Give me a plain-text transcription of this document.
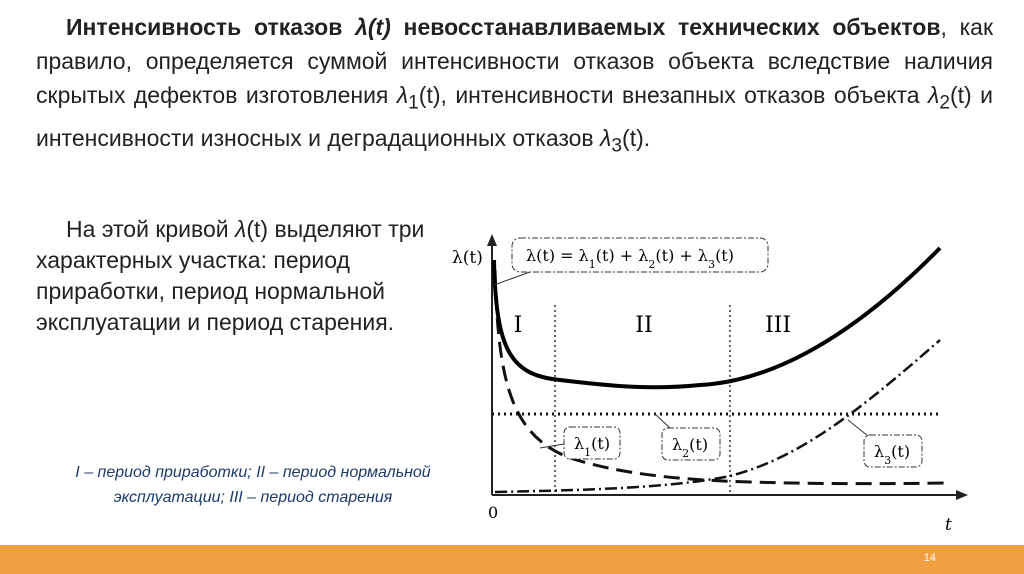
Интенсивность отказов λ(t) невосстанавливаемых технических объектов, как правило, определяется суммой интенсивности отказов объекта вследствие наличия скрытых дефектов изготовления $\lambda_1(t)$, интенсивности внезапных отказов объекта $\lambda_2(t)$ и интенсивности износных и деградационных отказов $\lambda_3(t)$.

На этой кривой λ(t) выделяют три характерных участка: период приработки, период нормальной эксплуатации и период старения.

I – период приработки; II – период нормальной эксплуатации; III – период старения

λ(t)
t
0
I	II	III
$\lambda(t) = \lambda_1(t) + \lambda_2(t) + \lambda_3(t)$
$\lambda_1(t)$	$\lambda_2(t)$	$\lambda_3(t)$
14
